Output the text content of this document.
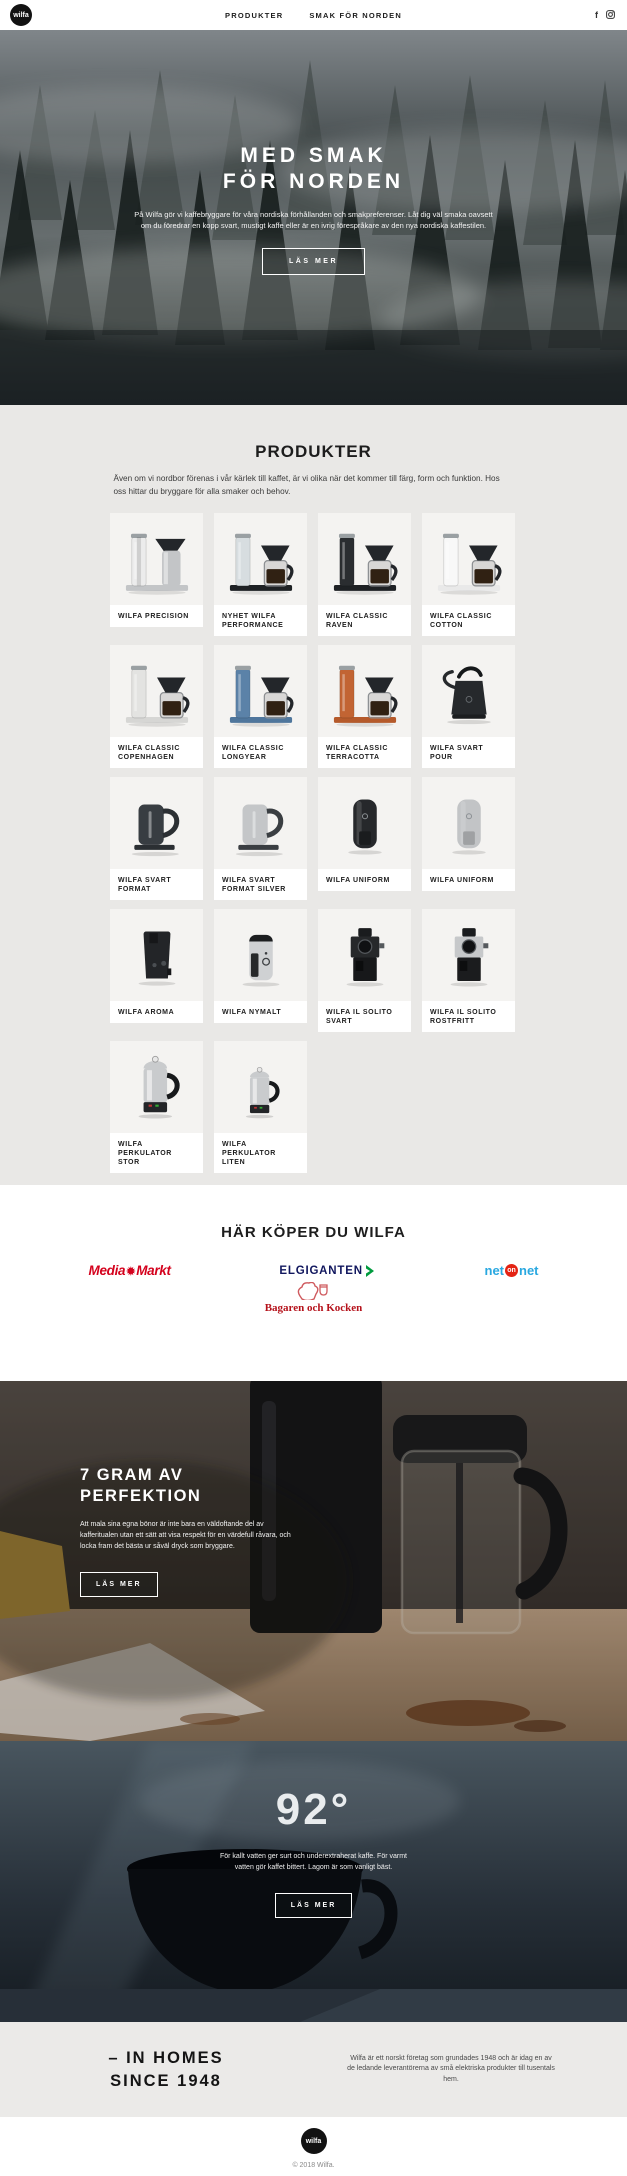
wilfa	PRODUKTER	SMAK FÖR NORDEN	f
MED SMAK
FÖR NORDEN
På Wilfa gör vi kaffebryggare för våra nordiska förhållanden och smakpreferenser. Låt dig väl smaka oavsett om du föredrar en kopp svart, mustigt kaffe eller är en ivrig förespråkare av den nya nordiska kaffestilen.
LÄS MER
PRODUKTER
Även om vi nordbor förenas i vår kärlek till kaffet, är vi olika när det kommer till färg, form och funktion. Hos oss hittar du bryggare för alla smaker och behov.
WILFA PRECISION	NYHET WILFA PERFORMANCE
WILFA CLASSIC RAVEN
WILFA CLASSIC COTTON
WILFA CLASSIC COPENHAGEN
WILFA CLASSIC LONGYEAR
WILFA CLASSIC TERRACOTTA
WILFA SVART POUR
WILFA SVART FORMAT
WILFA SVART FORMAT SILVER
WILFA UNIFORM	WILFA UNIFORM
WILFA AROMA	WILFA NYMALT	WILFA IL SOLITO SVART
WILFA IL SOLITO ROSTFRITT
WILFA PERKULATOR STOR
WILFA PERKULATOR LITEN
HÄR KÖPER DU WILFA
Media✹Markt	ELGIGANTEN	net on net
Bagaren och Kocken
7 GRAM AV
PERFEKTION
Att mala sina egna bönor är inte bara en väldoftande del av kafferitualen utan ett sätt att visa respekt för en värdefull råvara, och locka fram det bästa ur såväl dryck som bryggare.
LÄS MER
92°
För kallt vatten ger surt och underextraherat kaffe. För varmt vatten gör kaffet bittert. Lagom är som vanligt bäst.
LÄS MER
– IN HOMES
SINCE 1948
Wilfa är ett norskt företag som grundades 1948 och är idag en av de ledande leverantörerna av små elektriska produkter till tusentals hem.
wilfa
© 2018 Wilfa.
